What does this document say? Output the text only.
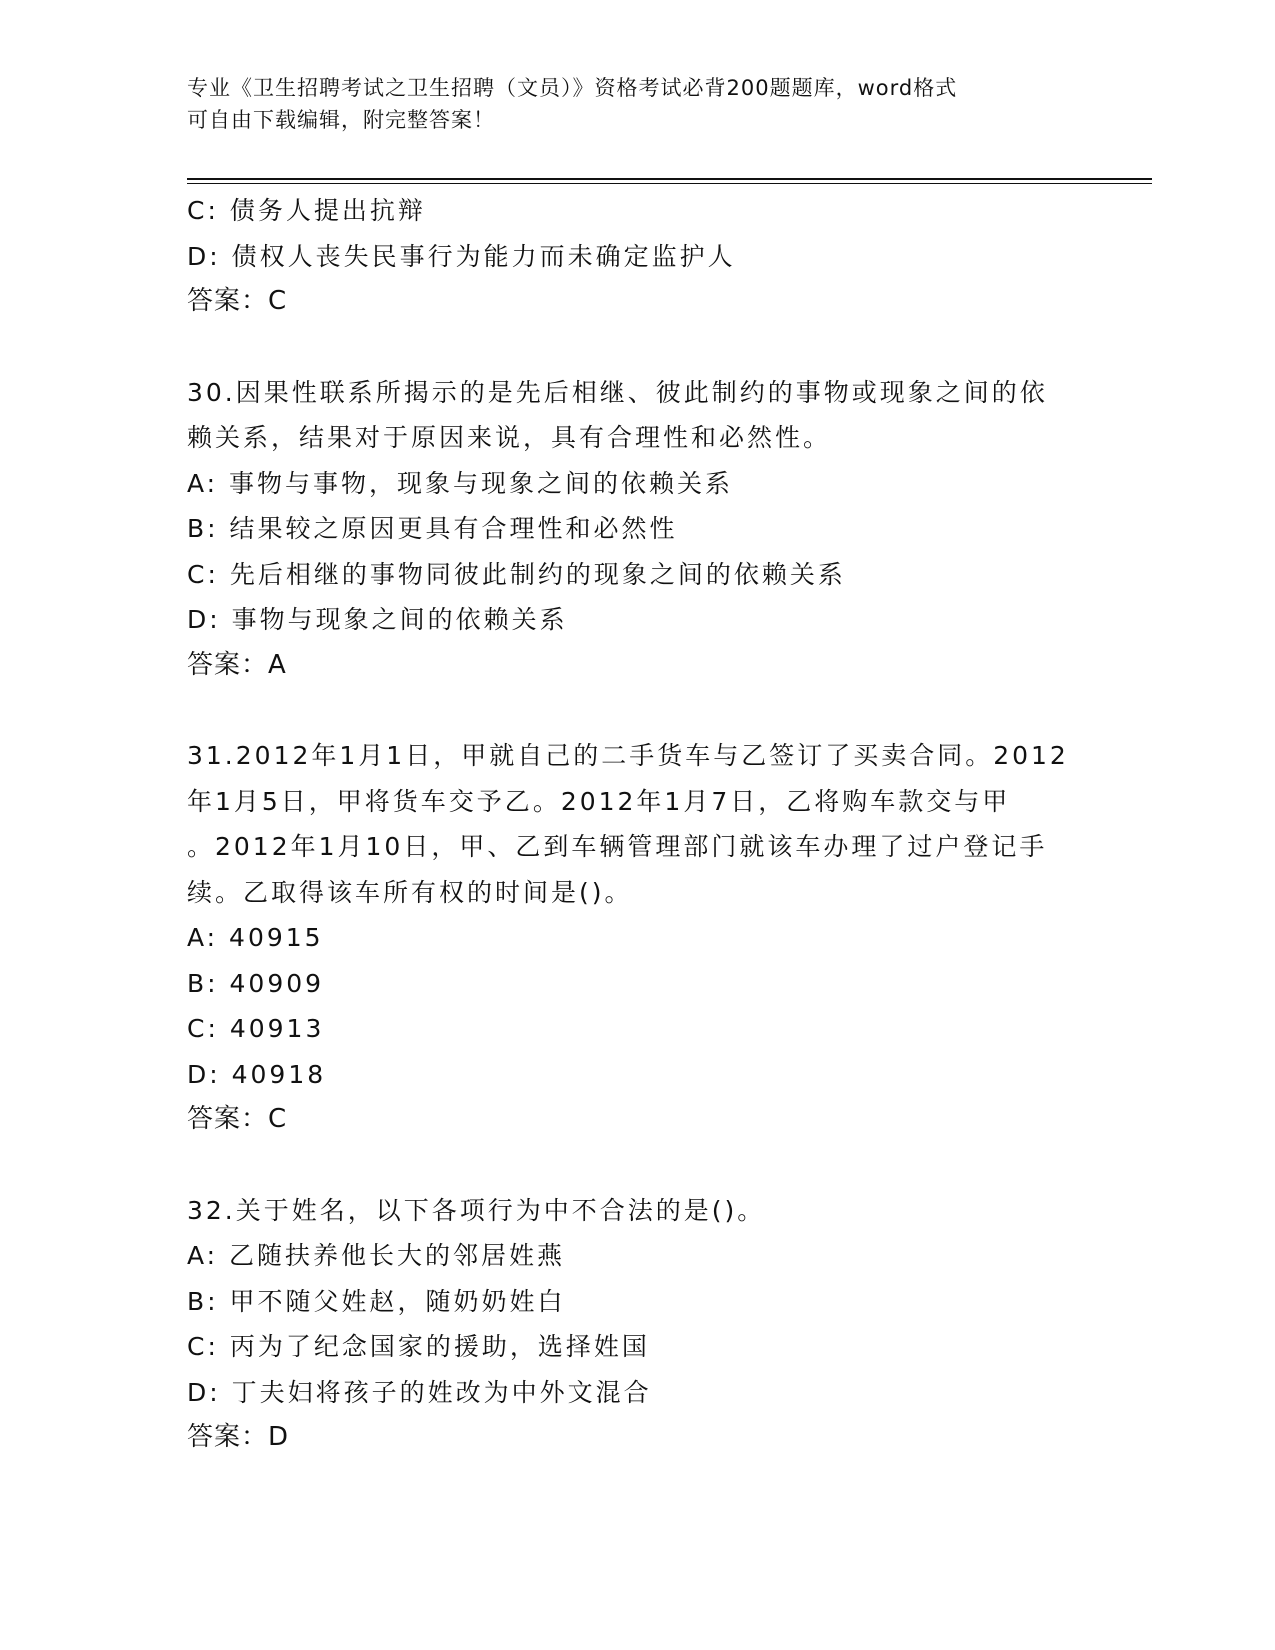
专业《卫生招聘考试之卫生招聘（文员）》资格考试必背200题题库，word格式
可自由下载编辑，附完整答案！
C: 债务人提出抗辩
D: 债权人丧失民事行为能力而未确定监护人
答案：C
30.因果性联系所揭示的是先后相继、彼此制约的事物或现象之间的依
赖关系，结果对于原因来说，具有合理性和必然性。
A: 事物与事物，现象与现象之间的依赖关系
B: 结果较之原因更具有合理性和必然性
C: 先后相继的事物同彼此制约的现象之间的依赖关系
D: 事物与现象之间的依赖关系
答案：A
31.2012年1月1日，甲就自己的二手货车与乙签订了买卖合同。2012
年1月5日，甲将货车交予乙。2012年1月7日，乙将购车款交与甲
。2012年1月10日，甲、乙到车辆管理部门就该车办理了过户登记手
续。乙取得该车所有权的时间是()。
A: 40915
B: 40909
C: 40913
D: 40918
答案：C
32.关于姓名，以下各项行为中不合法的是()。
A: 乙随扶养他长大的邻居姓燕
B: 甲不随父姓赵，随奶奶姓白
C: 丙为了纪念国家的援助，选择姓国
D: 丁夫妇将孩子的姓改为中外文混合
答案：D
